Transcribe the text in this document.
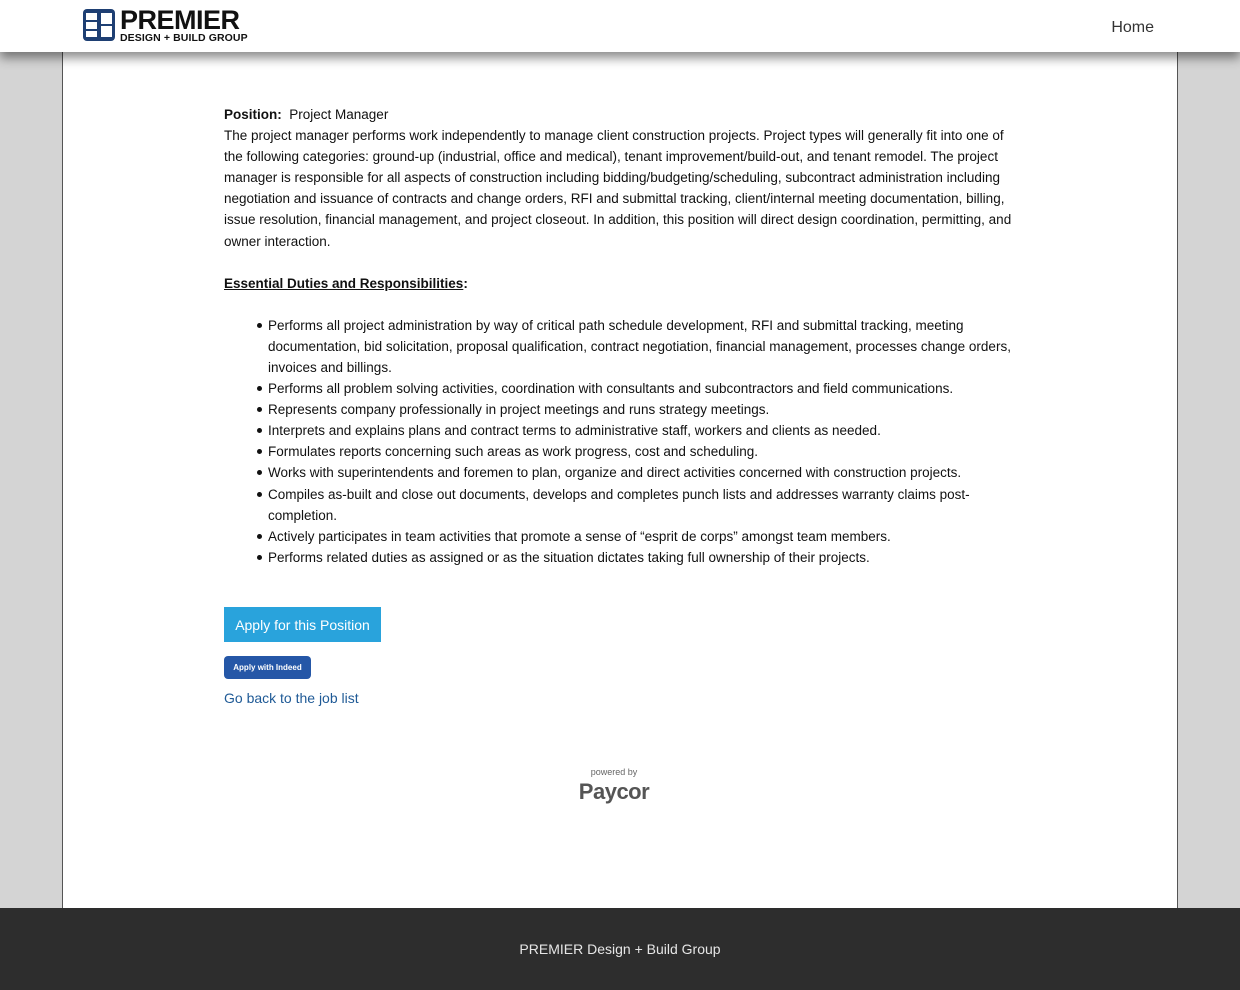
PREMIER
DESIGN + BUILD GROUP
Home

Position: Project Manager

The project manager performs work independently to manage client construction projects. Project types will generally fit into one of the following categories: ground-up (industrial, office and medical), tenant improvement/build-out, and tenant remodel. The project manager is responsible for all aspects of construction including bidding/budgeting/scheduling, subcontract administration including negotiation and issuance of contracts and change orders, RFI and submittal tracking, client/internal meeting documentation, billing, issue resolution, financial management, and project closeout. In addition, this position will direct design coordination, permitting, and owner interaction.

Essential Duties and Responsibilities:

Performs all project administration by way of critical path schedule development, RFI and submittal tracking, meeting documentation, bid solicitation, proposal qualification, contract negotiation, financial management, processes change orders, invoices and billings.
Performs all problem solving activities, coordination with consultants and subcontractors and field communications.
Represents company professionally in project meetings and runs strategy meetings.
Interprets and explains plans and contract terms to administrative staff, workers and clients as needed.
Formulates reports concerning such areas as work progress, cost and scheduling.
Works with superintendents and foremen to plan, organize and direct activities concerned with construction projects.
Compiles as-built and close out documents, develops and completes punch lists and addresses warranty claims post-completion.
Actively participates in team activities that promote a sense of “esprit de corps” amongst team members.
Performs related duties as assigned or as the situation dictates taking full ownership of their projects.
Apply for this Position
Apply with Indeed
Go back to the job list
powered by
Paycor
PREMIER Design + Build Group
